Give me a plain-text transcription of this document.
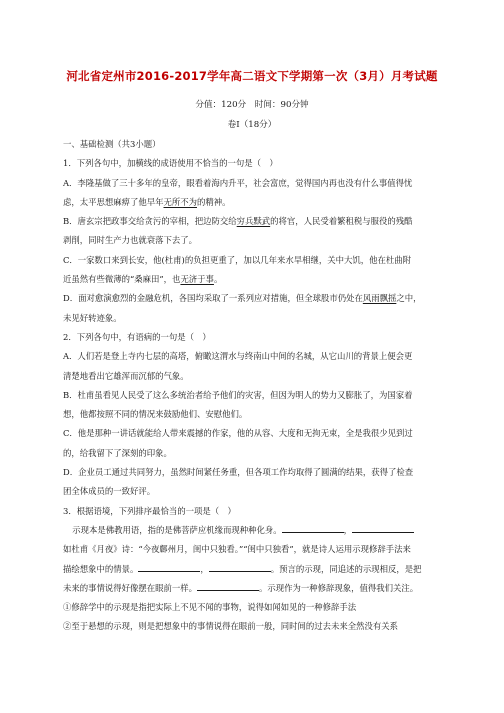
河北省定州市2016-2017学年高二语文下学期第一次（3月）月考试题
分值：120分　时间：90分钟
卷Ⅰ（18分）

一、基础检测（共3小题）

1．下列各句中，加横线的成语使用不恰当的一句是（　）

A．李隆基做了三十多年的皇帝，眼看着海内升平，社会富庶，觉得国内再也没有什么事值得忧

虑，太平思想麻痹了他早年无所不为的精神。

B．唐玄宗把政事交给贪污的宰相，把边防交给穷兵黩武的将官，人民受着繁租税与服役的残酷

剥削，同时生产力也就衰落下去了。

C．一家数口来到长安，他(杜甫)的负担更重了，加以几年来水旱相继，关中大饥，他在杜曲附

近虽然有些微薄的“桑麻田”，也无济于事。

D．面对愈演愈烈的金融危机，各国均采取了一系列应对措施，但全球股市仍处在风雨飘摇之中，

未见好转迹象。

2．下列各句中，有语病的一句是（　）

A．人们若是登上寺内七层的高塔，俯瞰这渭水与终南山中间的名城，从它山川的背景上便会更

清楚地看出它雄浑而沉郁的气象。

B．杜甫虽看见人民受了这么多统治者给予他们的灾害，但因为明人的势力又膨胀了，为国家着

想，他都按照不同的情况来鼓励他们、安慰他们。

C．他是那种一讲话就能给人带来震撼的作家，他的从容、大度和无拘无束，全是我很少见到过

的，给我留下了深刻的印象。

D．企业员工通过共同努力，虽然时间紧任务重，但各项工作均取得了圆满的结果，获得了检查

团全体成员的一致好评。

3．根据语境，下列排序最恰当的一项是（　）

示现本是佛教用语，指的是佛菩萨应机缘而现种种化身。	，

如杜甫《月夜》诗：“今夜鄜州月，闺中只独看。”“闺中只独看”，就是诗人运用示现修辞手法来

描绘想象中的情景。	，	。预言的示现，同追述的示现相反，是把

未来的事情说得好像摆在眼前一样。	。示现作为一种修辞现象，值得我们关注。

①修辞学中的示现是指把实际上不见不闻的事物，说得如闻如见的一种修辞手法

②至于悬想的示现，则是把想象中的事情说得在眼前一般，同时间的过去未来全然没有关系
